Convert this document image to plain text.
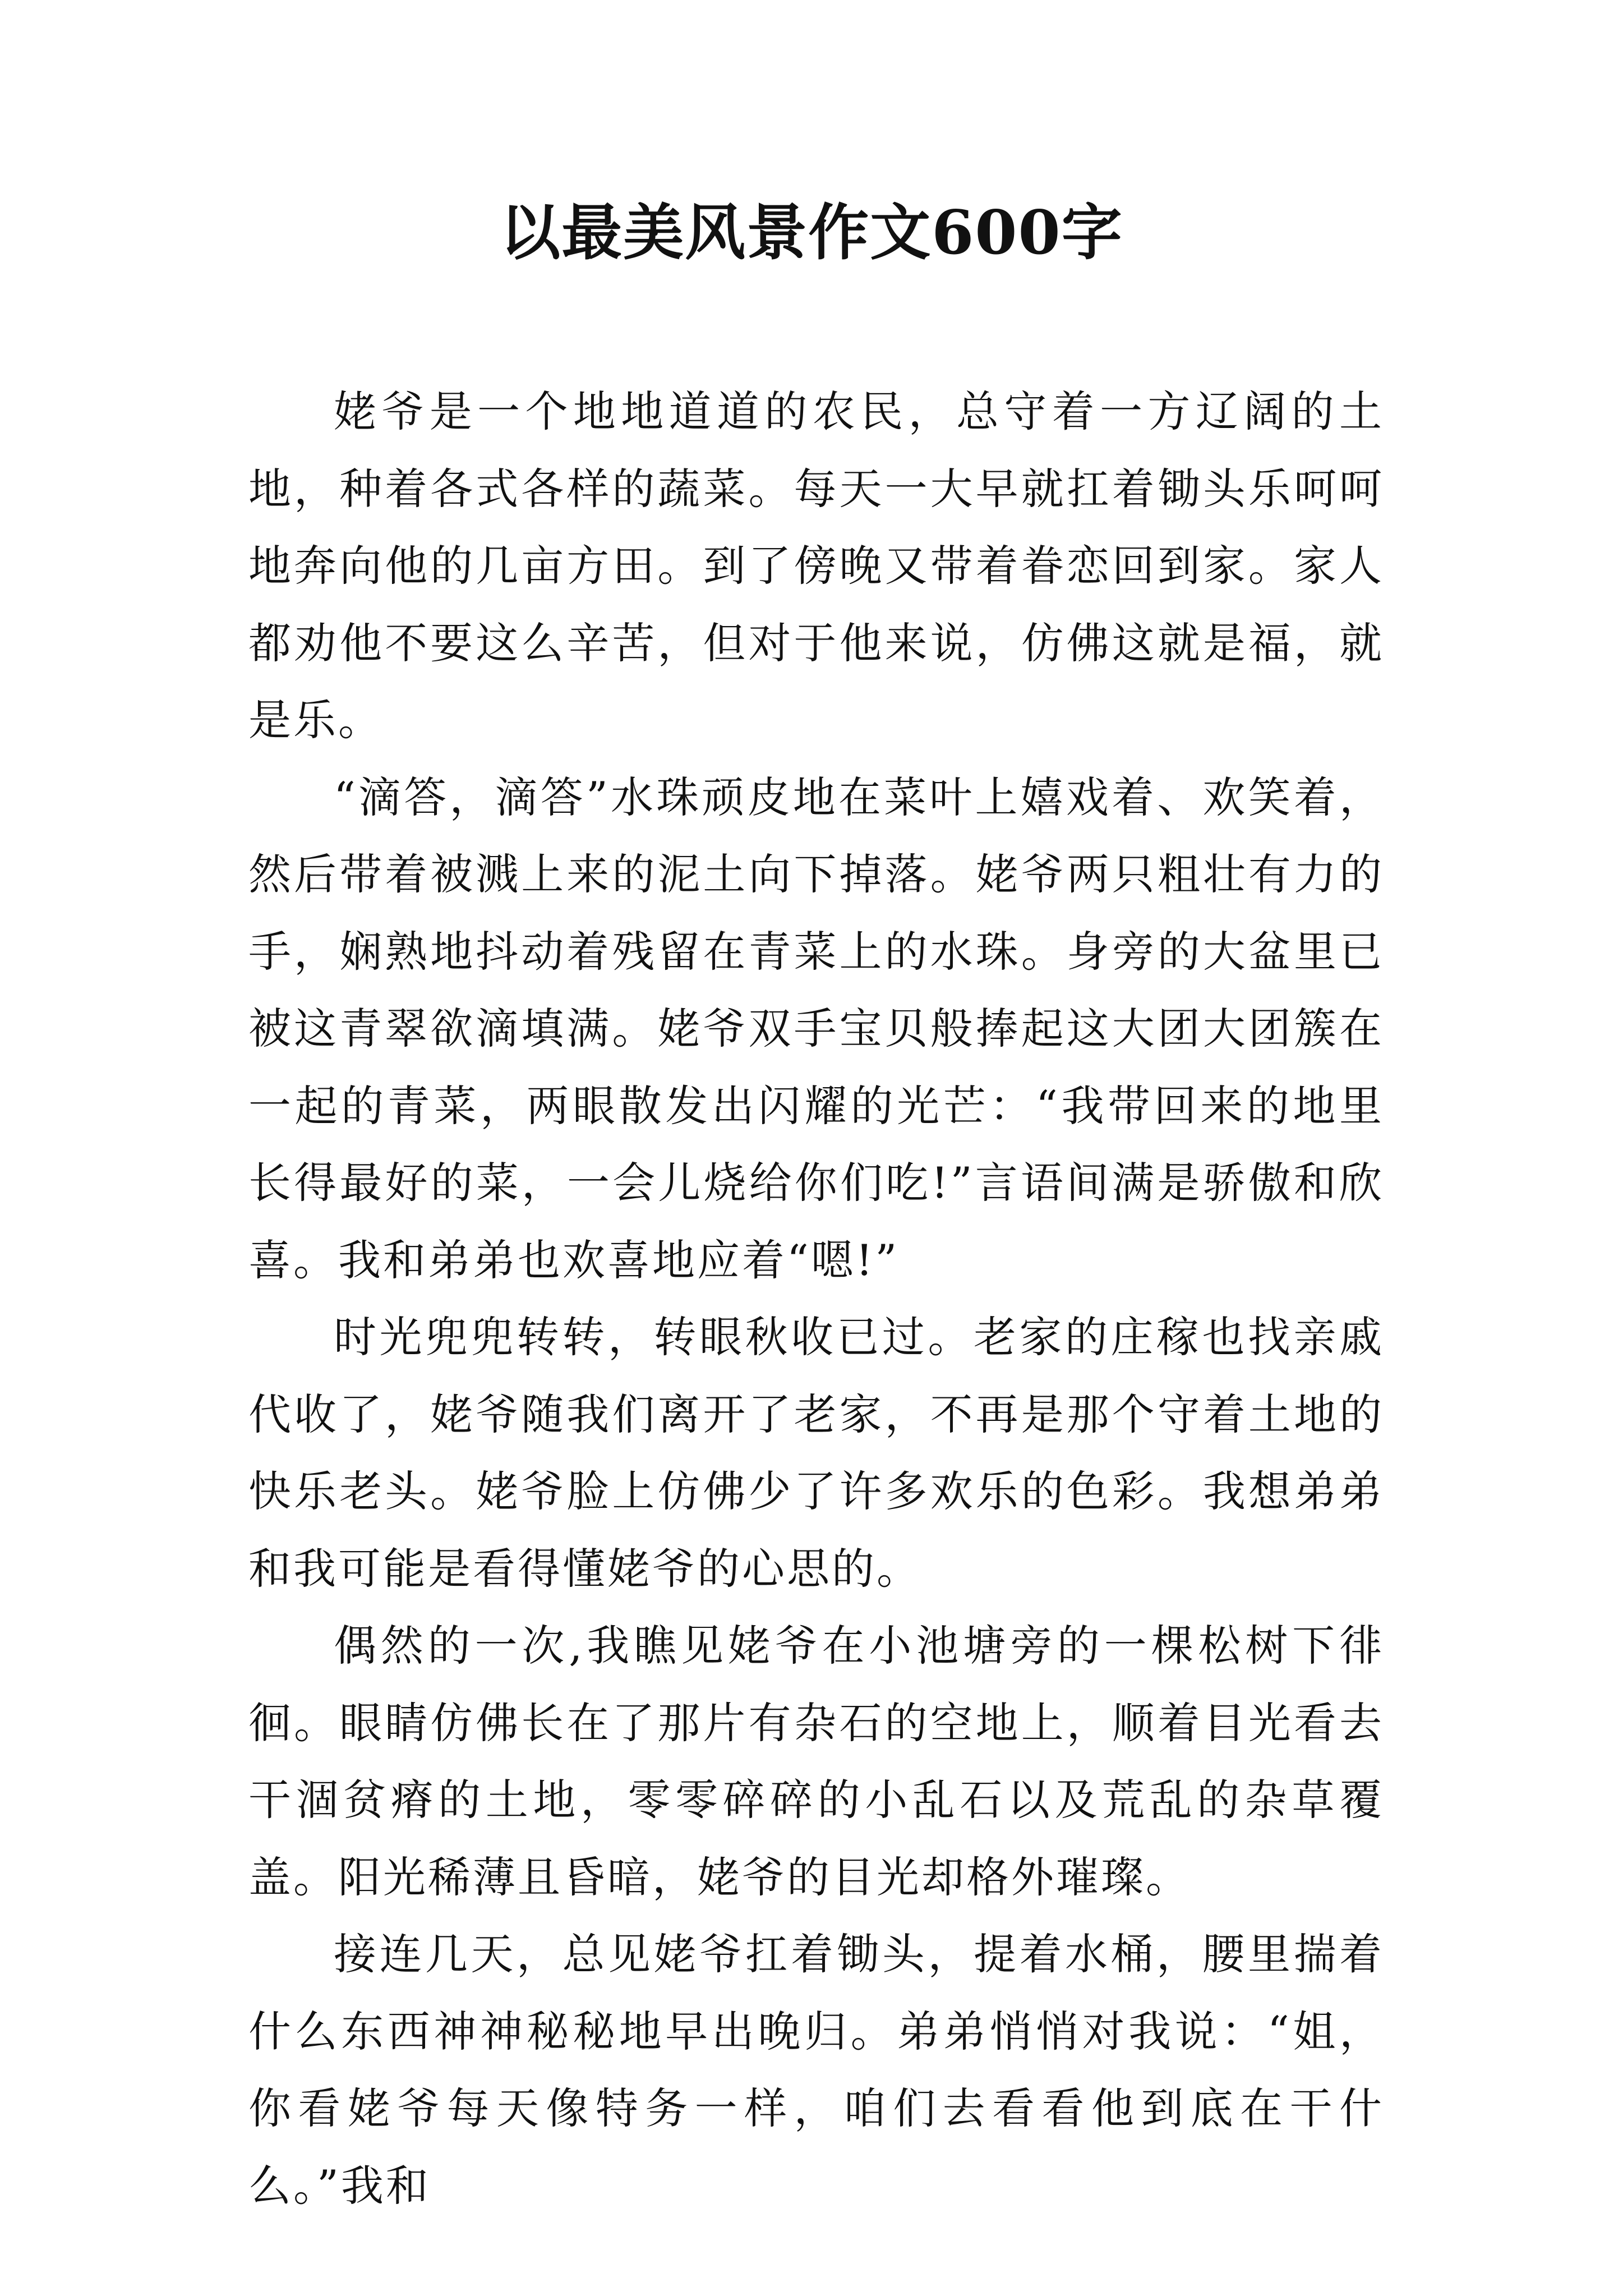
以最美风景作文600字

姥爷是一个地地道道的农民，总守着一方辽阔的土地，种着各式各样的蔬菜。每天一大早就扛着锄头乐呵呵地奔向他的几亩方田。到了傍晚又带着眷恋回到家。家人都劝他不要这么辛苦，但对于他来说，仿佛这就是福，就是乐。

“滴答，滴答”水珠顽皮地在菜叶上嬉戏着、欢笑着，然后带着被溅上来的泥土向下掉落。姥爷两只粗壮有力的手，娴熟地抖动着残留在青菜上的水珠。身旁的大盆里已被这青翠欲滴填满。姥爷双手宝贝般捧起这大团大团簇在一起的青菜，两眼散发出闪耀的光芒：“我带回来的地里长得最好的菜，一会儿烧给你们吃!”言语间满是骄傲和欣喜。我和弟弟也欢喜地应着“嗯!”

时光兜兜转转，转眼秋收已过。老家的庄稼也找亲戚代收了，姥爷随我们离开了老家，不再是那个守着土地的快乐老头。姥爷脸上仿佛少了许多欢乐的色彩。我想弟弟和我可能是看得懂姥爷的心思的。

偶然的一次,我瞧见姥爷在小池塘旁的一棵松树下徘徊。眼睛仿佛长在了那片有杂石的空地上，顺着目光看去干涸贫瘠的土地，零零碎碎的小乱石以及荒乱的杂草覆盖。阳光稀薄且昏暗，姥爷的目光却格外璀璨。

接连几天，总见姥爷扛着锄头，提着水桶，腰里揣着什么东西神神秘秘地早出晚归。弟弟悄悄对我说：“姐，你看姥爷每天像特务一样，咱们去看看他到底在干什么。”我和
